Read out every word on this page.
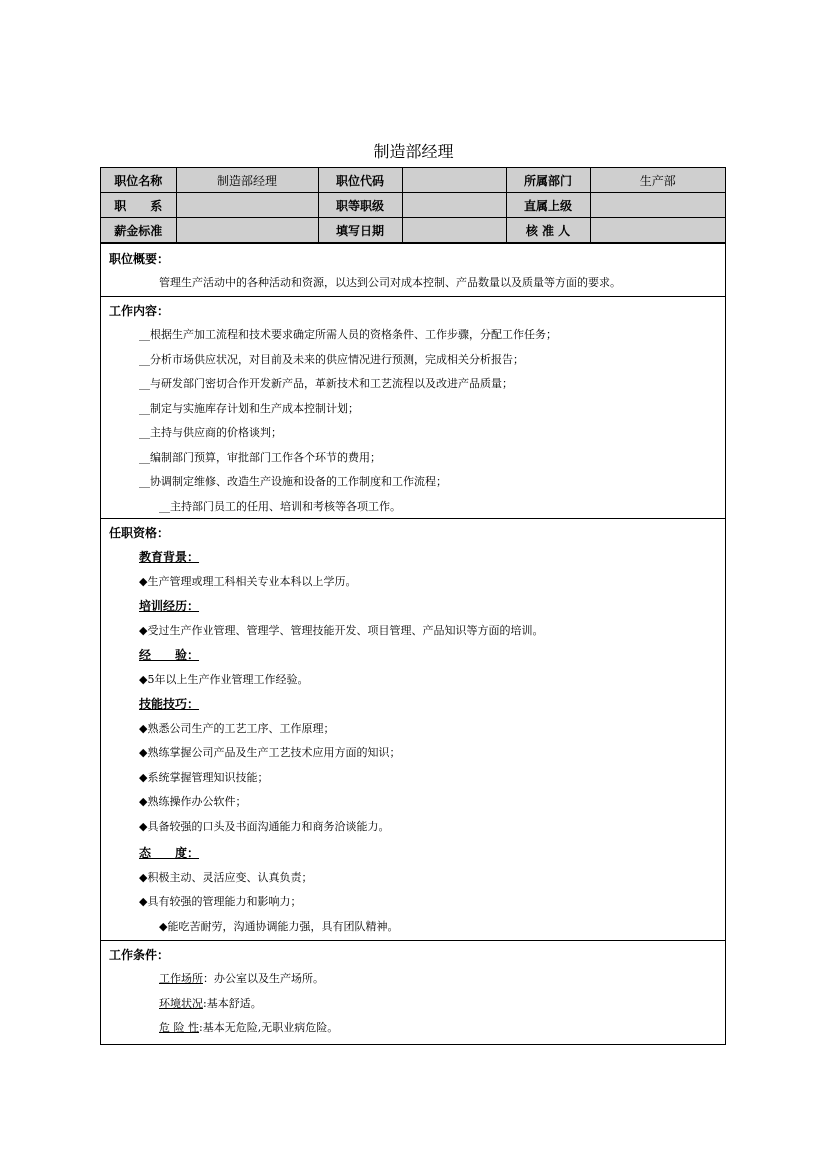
制造部经理
职位名称	制造部经理	职位代码		所属部门	生产部
职　　系		职等职级		直属上级	
薪金标准		填写日期		核 准 人	
职位概要：
管理生产活动中的各种活动和资源，以达到公司对成本控制、产品数量以及质量等方面的要求。
工作内容：
__根据生产加工流程和技术要求确定所需人员的资格条件、工作步骤，分配工作任务；
__分析市场供应状况，对目前及未来的供应情况进行预测，完成相关分析报告；
__与研发部门密切合作开发新产品，革新技术和工艺流程以及改进产品质量；
__制定与实施库存计划和生产成本控制计划；
__主持与供应商的价格谈判；
__编制部门预算，审批部门工作各个环节的费用；
__协调制定维修、改造生产设施和设备的工作制度和工作流程；
__主持部门员工的任用、培训和考核等各项工作。
任职资格：
教育背景：
◆生产管理或理工科相关专业本科以上学历。
培训经历：
◆受过生产作业管理、管理学、管理技能开发、项目管理、产品知识等方面的培训。
经　　验：
◆5年以上生产作业管理工作经验。
技能技巧：
◆熟悉公司生产的工艺工序、工作原理；
◆熟练掌握公司产品及生产工艺技术应用方面的知识；
◆系统掌握管理知识技能；
◆熟练操作办公软件；
◆具备较强的口头及书面沟通能力和商务洽谈能力。
态　　度：
◆积极主动、灵活应变、认真负责；
◆具有较强的管理能力和影响力；
◆能吃苦耐劳，沟通协调能力强，具有团队精神。
工作条件：
工作场所：办公室以及生产场所。
环境状况:基本舒适。
危 险 性:基本无危险,无职业病危险。
